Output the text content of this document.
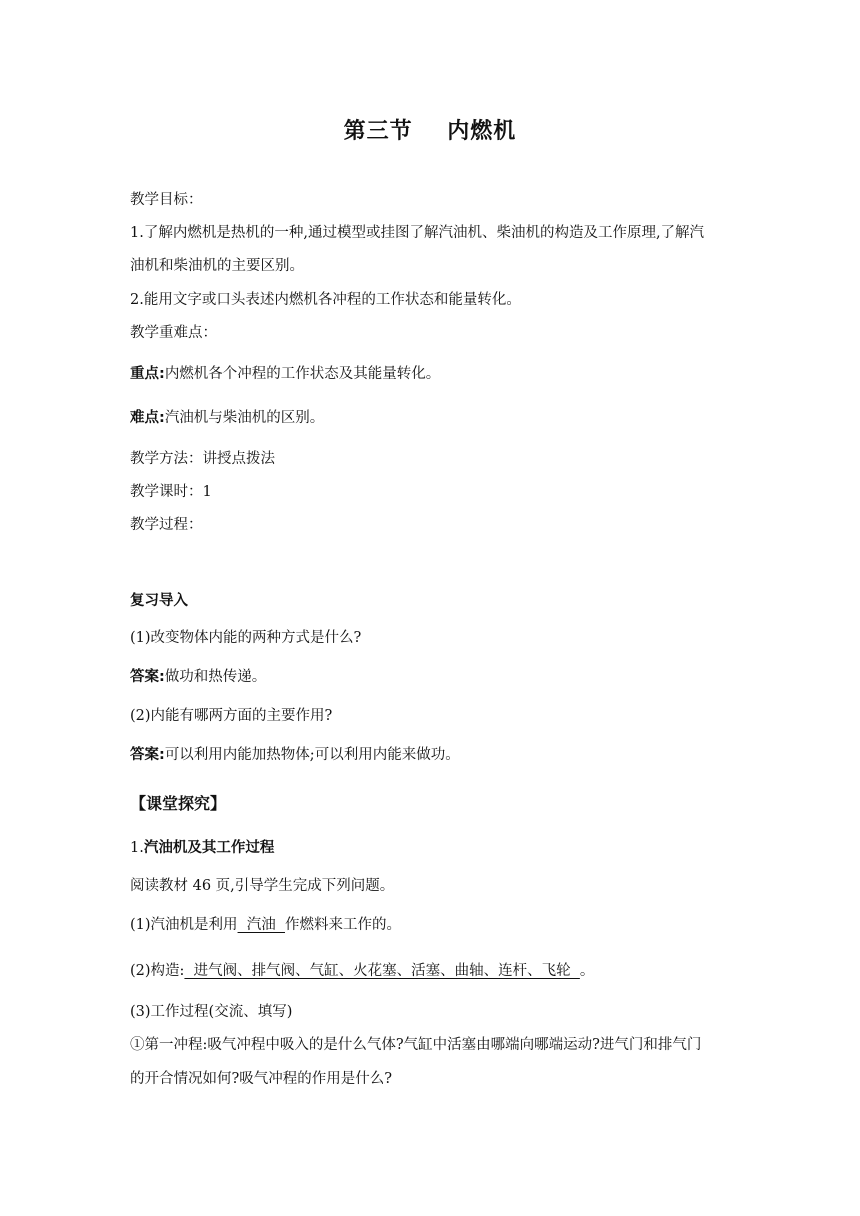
第三节    内燃机
教学目标：
1.了解内燃机是热机的一种,通过模型或挂图了解汽油机、柴油机的构造及工作原理,了解汽
油机和柴油机的主要区别。
2.能用文字或口头表述内燃机各冲程的工作状态和能量转化。
教学重难点：
重点:内燃机各个冲程的工作状态及其能量转化。
难点:汽油机与柴油机的区别。
教学方法：讲授点拨法
教学课时：1
教学过程：
复习导入
(1)改变物体内能的两种方式是什么?
答案:做功和热传递。
(2)内能有哪两方面的主要作用?
答案:可以利用内能加热物体;可以利用内能来做功。
【课堂探究】
1.汽油机及其工作过程
阅读教材 46 页,引导学生完成下列问题。
(1)汽油机是利用  汽油  作燃料来工作的。
(2)构造:  进气阀、排气阀、气缸、火花塞、活塞、曲轴、连杆、飞轮  。
(3)工作过程(交流、填写)
①第一冲程:吸气冲程中吸入的是什么气体?气缸中活塞由哪端向哪端运动?进气门和排气门
的开合情况如何?吸气冲程的作用是什么?
